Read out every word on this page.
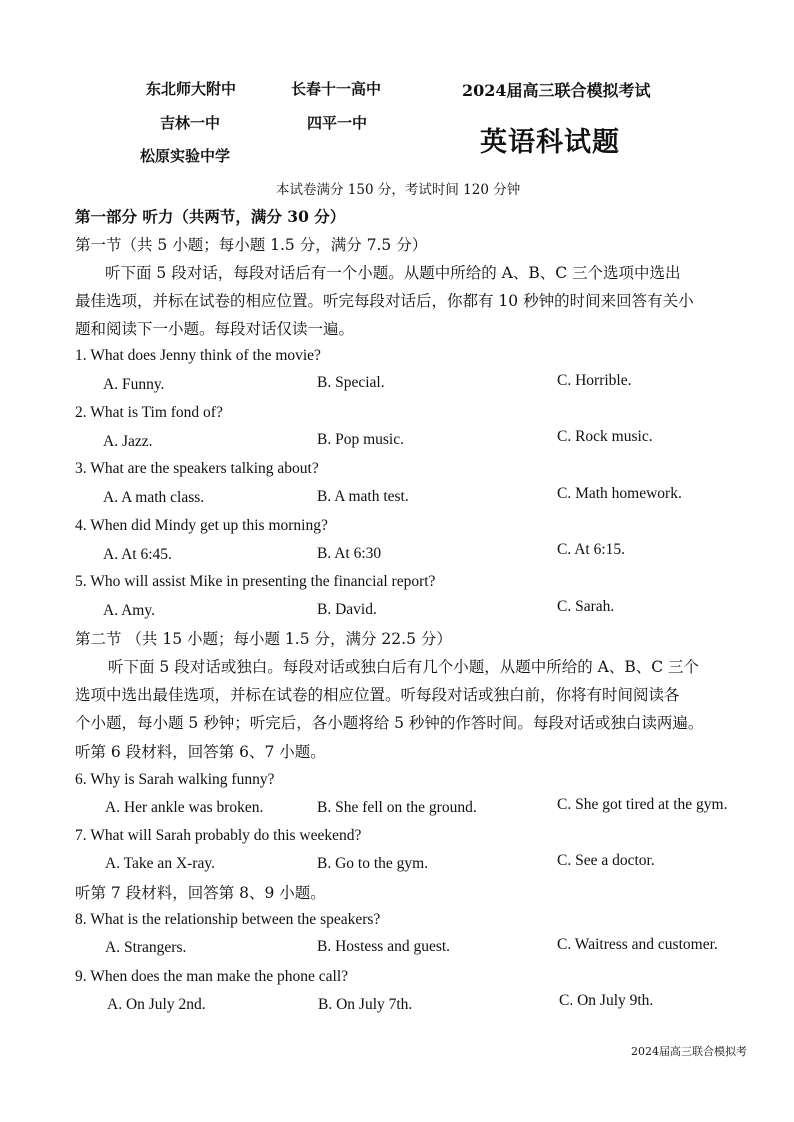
东北师大附中	长春十一高中	2024届高三联合模拟考试
吉林一中	四平一中
英语科试题
松原实验中学
本试卷满分 150 分，考试时间 120 分钟
第一部分 听力（共两节，满分 30 分）
第一节（共 5 小题；每小题 1.5 分，满分 7.5 分）
听下面 5 段对话，每段对话后有一个小题。从题中所给的 A、B、C 三个选项中选出
最佳选项，并标在试卷的相应位置。听完每段对话后，你都有 10 秒钟的时间来回答有关小
题和阅读下一小题。每段对话仅读一遍。
1. What does Jenny think of the movie?
A. Funny.	B. Special.	C. Horrible.
2. What is Tim fond of?
A. Jazz.	B. Pop music.	C. Rock music.
3. What are the speakers talking about?
A. A math class.	B. A math test.	C. Math homework.
4. When did Mindy get up this morning?
A. At 6:45.	B. At 6:30	C. At 6:15.
5. Who will assist Mike in presenting the financial report?
A. Amy.	B. David.	C. Sarah.
第二节 （共 15 小题；每小题 1.5 分，满分 22.5 分）
听下面 5 段对话或独白。每段对话或独白后有几个小题，从题中所给的 A、B、C 三个
选项中选出最佳选项，并标在试卷的相应位置。听每段对话或独白前，你将有时间阅读各
个小题，每小题 5 秒钟；听完后，各小题将给 5 秒钟的作答时间。每段对话或独白读两遍。
听第 6 段材料，回答第 6、7 小题。
6. Why is Sarah walking funny?
A. Her ankle was broken.	B. She fell on the ground.	C. She got tired at the gym.
7. What will Sarah probably do this weekend?
A. Take an X-ray.	B. Go to the gym.	C. See a doctor.
听第 7 段材料，回答第 8、9 小题。
8. What is the relationship between the speakers?
A. Strangers.	B. Hostess and guest.	C. Waitress and customer.
9. When does the man make the phone call?
A. On July 2nd.	B. On July 7th.	C. On July 9th.
2024届高三联合模拟考
